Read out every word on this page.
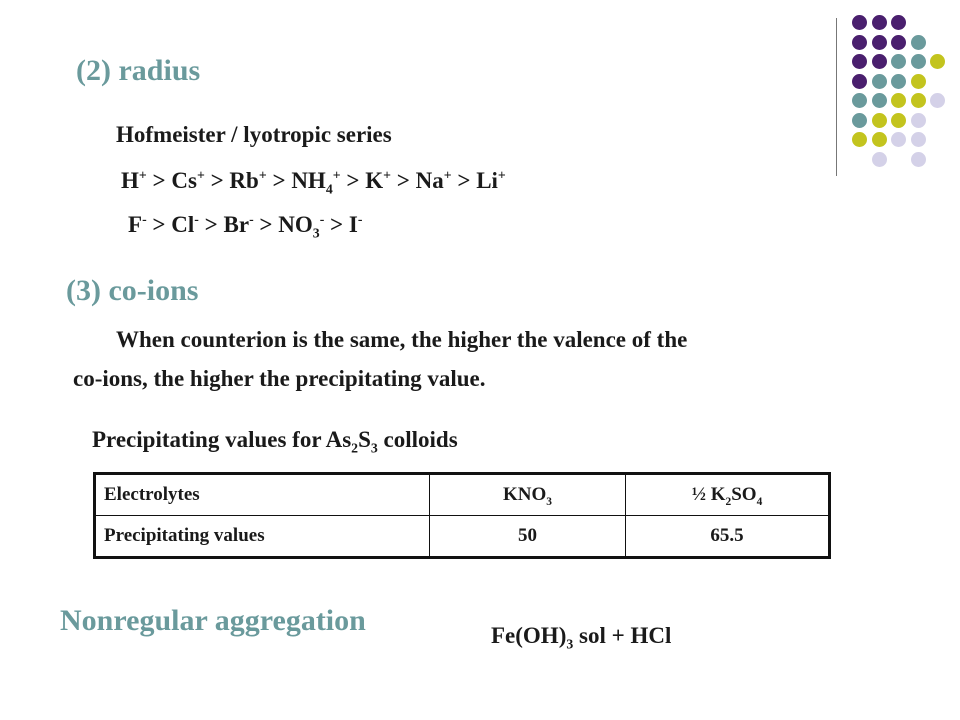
(2) radius
Hofmeister / lyotropic series
$H^+ > Cs^+ > Rb^+ > NH_4^+ > K^+ > Na^+ > Li^+$
$F^- > Cl^- > Br^- > NO_3^- > I^-$
(3) co-ions
When counterion is the same, the higher the valence of the
co-ions, the higher the precipitating value.
Precipitating values for $As_2S_3$ colloids
Electrolytes	$KNO_3$	½ $K_2SO_4$
Precipitating values	50	65.5
Nonregular aggregation	$Fe(OH)_3$ sol + HCl
